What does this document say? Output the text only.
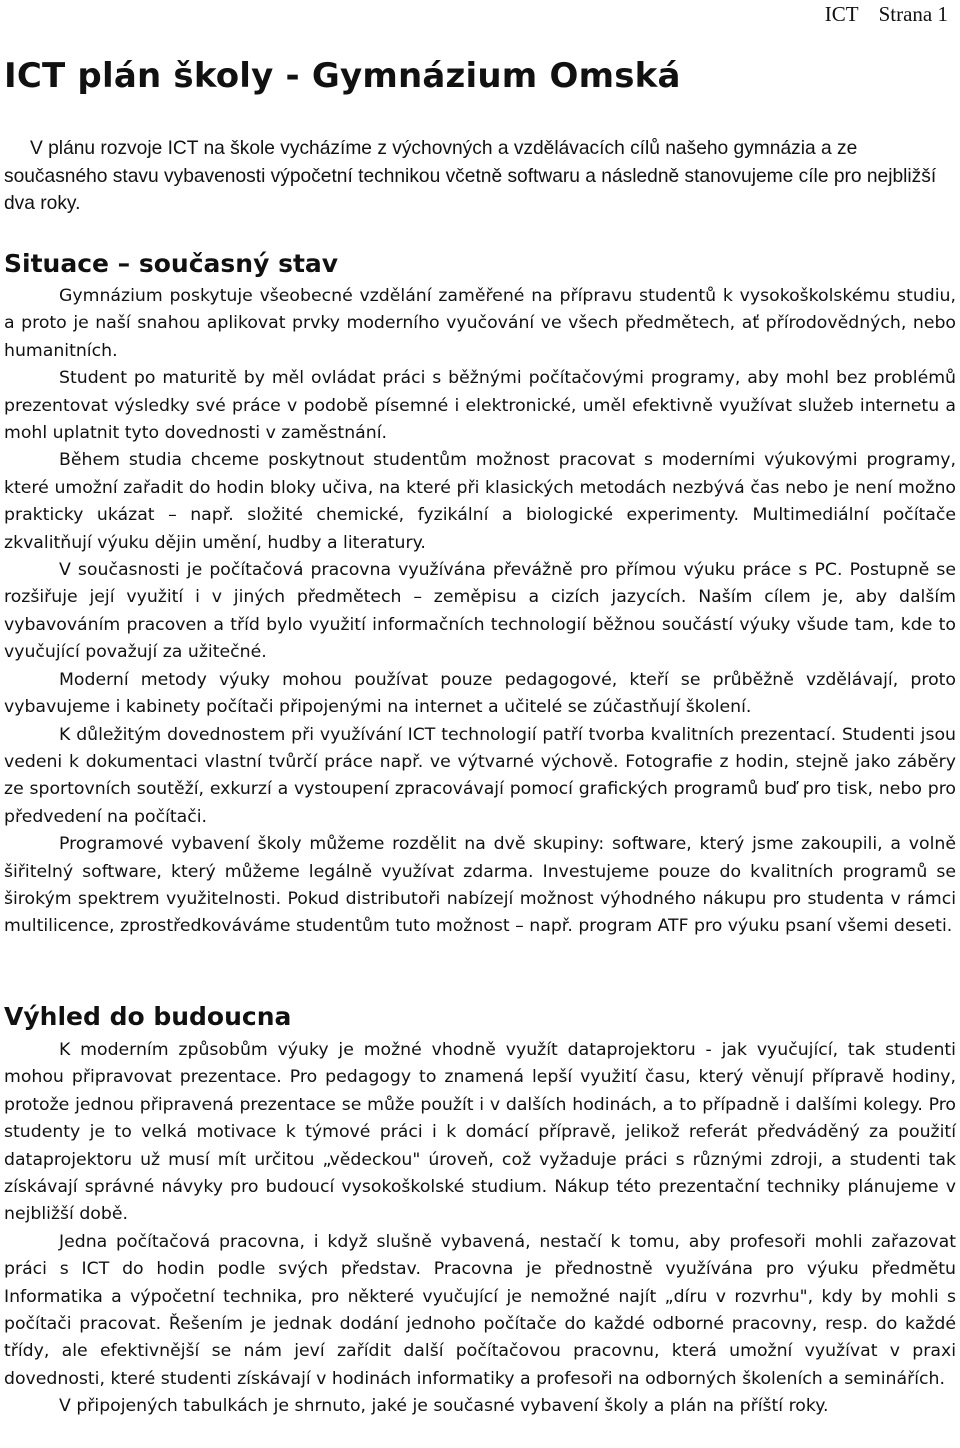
ICT Strana 1
ICT plán školy - Gymnázium Omská

V plánu rozvoje ICT na škole vycházíme z výchovných a vzdělávacích cílů našeho gymnázia a ze současného stavu vybavenosti výpočetní technikou včetně softwaru a následně stanovujeme cíle pro nejbližší dva roky.

Situace – současný stav

Gymnázium poskytuje všeobecné vzdělání zaměřené na přípravu studentů k vysokoškolskému studiu, a proto je naší snahou aplikovat prvky moderního vyučování ve všech předmětech, ať přírodovědných, nebo humanitních.

Student po maturitě by měl ovládat práci s běžnými počítačovými programy, aby mohl bez problémů prezentovat výsledky své práce v podobě písemné i elektronické, uměl efektivně využívat služeb internetu a mohl uplatnit tyto dovednosti v zaměstnání.

Během studia chceme poskytnout studentům možnost pracovat s moderními výukovými programy, které umožní zařadit do hodin bloky učiva, na které při klasických metodách nezbývá čas nebo je není možno prakticky ukázat – např. složité chemické, fyzikální a biologické experimenty. Multimediální počítače zkvalitňují výuku dějin umění, hudby a literatury.

V současnosti je počítačová pracovna využívána převážně pro přímou výuku práce s PC. Postupně se rozšiřuje její využití i v jiných předmětech – zeměpisu a cizích jazycích. Naším cílem je, aby dalším vybavováním pracoven a tříd bylo využití informačních technologií běžnou součástí výuky všude tam, kde to vyučující považují za užitečné.

Moderní metody výuky mohou používat pouze pedagogové, kteří se průběžně vzdělávají, proto vybavujeme i kabinety počítači připojenými na internet a učitelé se zúčastňují školení.

K důležitým dovednostem při využívání ICT technologií patří tvorba kvalitních prezentací. Studenti jsou vedeni k dokumentaci vlastní tvůrčí práce např. ve výtvarné výchově. Fotografie z hodin, stejně jako záběry ze sportovních soutěží, exkurzí a vystoupení zpracovávají pomocí grafických programů buď pro tisk, nebo pro předvedení na počítači.

Programové vybavení školy můžeme rozdělit na dvě skupiny: software, který jsme zakoupili, a volně šiřitelný software, který můžeme legálně využívat zdarma. Investujeme pouze do kvalitních programů se širokým spektrem využitelnosti. Pokud distributoři nabízejí možnost výhodného nákupu pro studenta v rámci multilicence, zprostředkováváme studentům tuto možnost – např. program ATF pro výuku psaní všemi deseti.

Výhled do budoucna

K moderním způsobům výuky je možné vhodně využít dataprojektoru - jak vyučující, tak studenti mohou připravovat prezentace. Pro pedagogy to znamená lepší využití času, který věnují přípravě hodiny, protože jednou připravená prezentace se může použít i v dalších hodinách, a to případně i dalšími kolegy. Pro studenty je to velká motivace k týmové práci i k domácí přípravě, jelikož referát předváděný za použití dataprojektoru už musí mít určitou „vědeckou" úroveň, což vyžaduje práci s různými zdroji, a studenti tak získávají správné návyky pro budoucí vysokoškolské studium. Nákup této prezentační techniky plánujeme v nejbližší době.

Jedna počítačová pracovna, i když slušně vybavená, nestačí k tomu, aby profesoři mohli zařazovat práci s ICT do hodin podle svých představ. Pracovna je přednostně využívána pro výuku předmětu Informatika a výpočetní technika, pro některé vyučující je nemožné najít „díru v rozvrhu", kdy by mohli s počítači pracovat. Řešením je jednak dodání jednoho počítače do každé odborné pracovny, resp. do každé třídy, ale efektivnější se nám jeví zařídit další počítačovou pracovnu, která umožní využívat v praxi dovednosti, které studenti získávají v hodinách informatiky a profesoři na odborných školeních a seminářích.

V připojených tabulkách je shrnuto, jaké je současné vybavení školy a plán na příští roky.
